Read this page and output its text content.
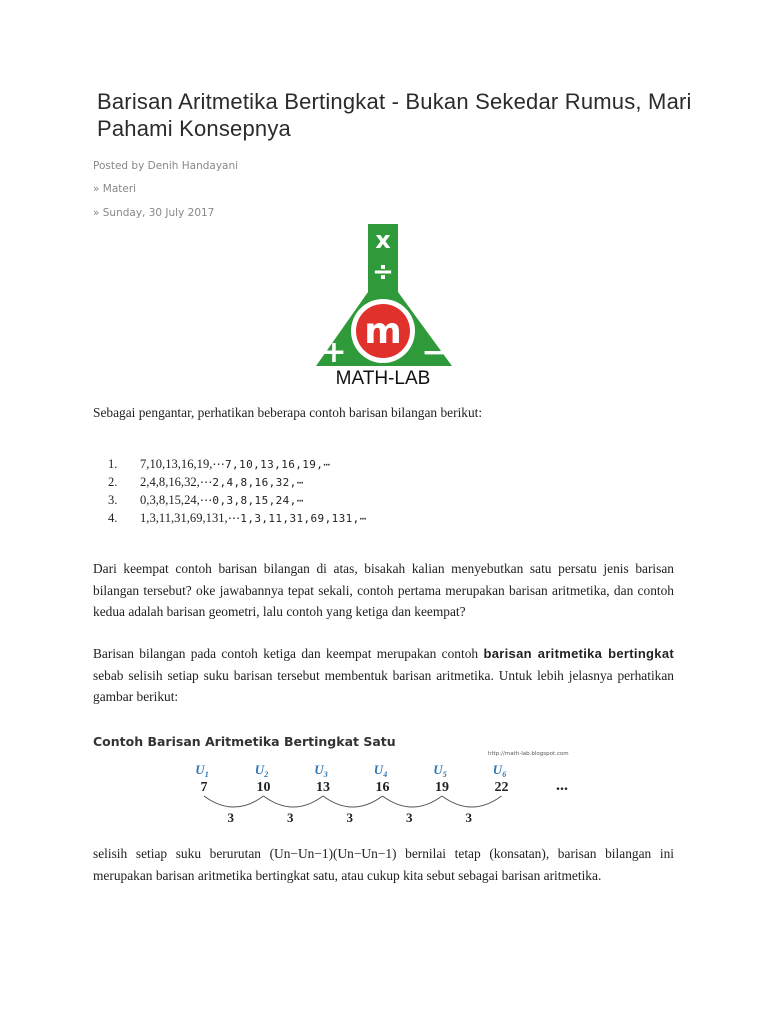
Barisan Aritmetika Bertingkat - Bukan Sekedar Rumus, Mari Pahami Konsepnya
Posted by Denih Handayani
» Materi
» Sunday, 30 July 2017
x
÷
+ −
m
MATH-LAB

Sebagai pengantar, perhatikan beberapa contoh barisan bilangan berikut:

1. 7,10,13,16,19,⋯7,10,13,16,19,⋯
2. 2,4,8,16,32,⋯2,4,8,16,32,⋯
3. 0,3,8,15,24,⋯0,3,8,15,24,⋯
4. 1,3,11,31,69,131,⋯1,3,11,31,69,131,⋯

Dari keempat contoh barisan bilangan di atas, bisakah kalian menyebutkan satu persatu jenis barisan bilangan tersebut? oke jawabannya tepat sekali, contoh pertama merupakan barisan aritmetika, dan contoh kedua adalah barisan geometri, lalu contoh yang ketiga dan keempat?

Barisan bilangan pada contoh ketiga dan keempat merupakan contoh barisan aritmetika bertingkat sebab selisih setiap suku barisan tersebut membentuk barisan aritmetika. Untuk lebih jelasnya perhatikan gambar berikut:

Contoh Barisan Aritmetika Bertingkat Satu
http://math-lab.blogspot.com
$U_1$
7
$U_2$
10
$U_3$
13
$U_4$
16
$U_5$
19
$U_6$
22
3	3	3	3	3
...

selisih setiap suku berurutan (Un−Un−1)(Un−Un−1) bernilai tetap (konsatan), barisan bilangan ini merupakan barisan aritmetika bertingkat satu, atau cukup kita sebut sebagai barisan aritmetika.
